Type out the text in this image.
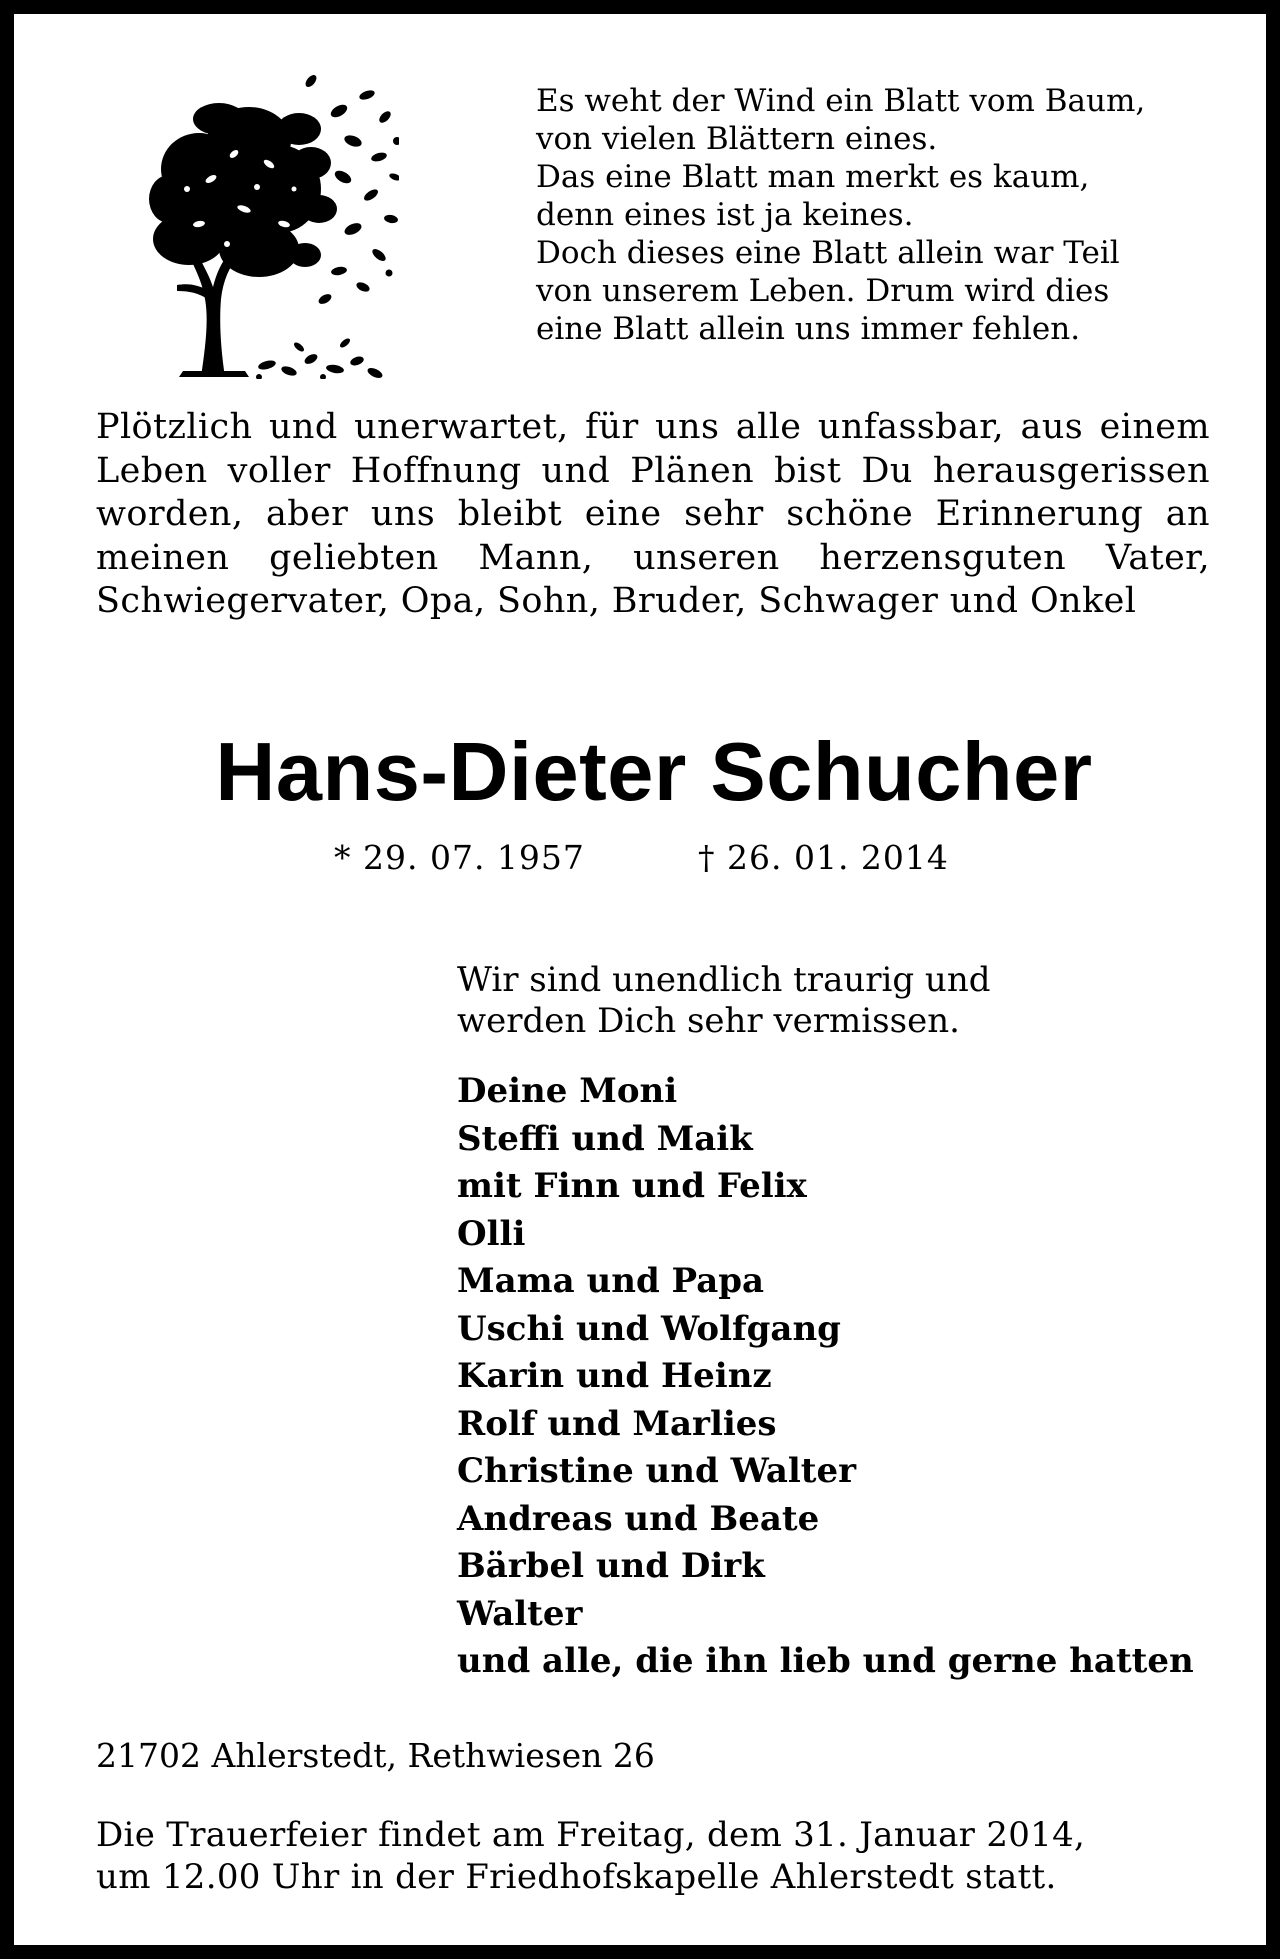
Es weht der Wind ein Blatt vom Baum,
von vielen Blättern eines.
Das eine Blatt man merkt es kaum,
denn eines ist ja keines.
Doch dieses eine Blatt allein war Teil
von unserem Leben. Drum wird dies
eine Blatt allein uns immer fehlen.
Plötzlich und unerwartet, für uns alle unfassbar, aus einem Leben voller Hoffnung und Plänen bist Du herausgerissen worden, aber uns bleibt eine sehr schöne Erinnerung an meinen geliebten Mann, unseren herzensguten Vater, Schwiegervater, Opa, Sohn, Bruder, Schwager und Onkel
Hans-Dieter Schucher
* 29. 07. 1957	† 26. 01. 2014
Wir sind unendlich traurig und
werden Dich sehr vermissen.
Deine Moni
Steffi und Maik
mit Finn und Felix
Olli
Mama und Papa
Uschi und Wolfgang
Karin und Heinz
Rolf und Marlies
Christine und Walter
Andreas und Beate
Bärbel und Dirk
Walter
und alle, die ihn lieb und gerne hatten
21702 Ahlerstedt, Rethwiesen 26
Die Trauerfeier findet am Freitag, dem 31. Januar 2014,
um 12.00 Uhr in der Friedhofskapelle Ahlerstedt statt.
